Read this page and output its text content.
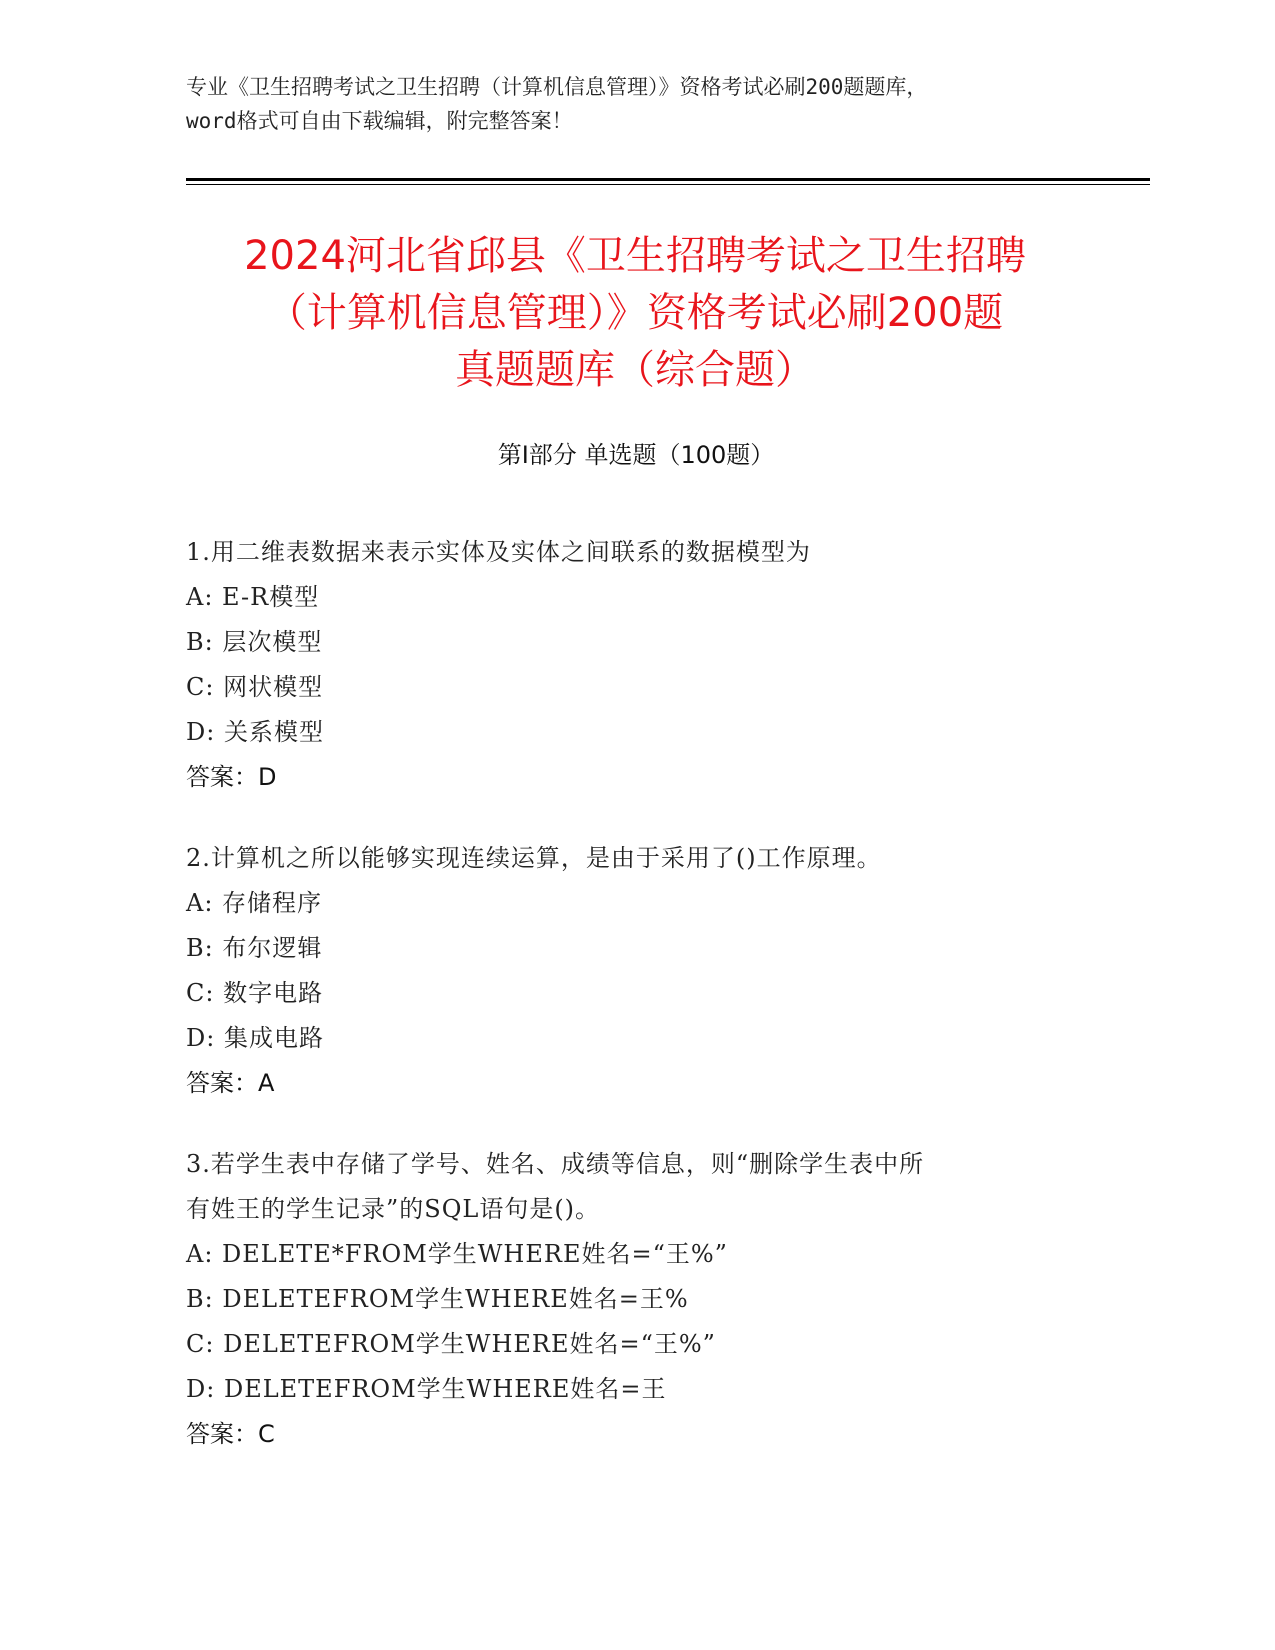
专业《卫生招聘考试之卫生招聘（计算机信息管理）》资格考试必刷200题题库，
word格式可自由下载编辑，附完整答案！
2024河北省邱县《卫生招聘考试之卫生招聘
（计算机信息管理）》资格考试必刷200题
真题题库（综合题）
第Ⅰ部分 单选题（100题）
1.用二维表数据来表示实体及实体之间联系的数据模型为
A: E-R模型
B: 层次模型
C: 网状模型
D: 关系模型
答案：D
2.计算机之所以能够实现连续运算，是由于采用了()工作原理。
A: 存储程序
B: 布尔逻辑
C: 数字电路
D: 集成电路
答案：A
3.若学生表中存储了学号、姓名、成绩等信息，则“删除学生表中所
有姓王的学生记录”的SQL语句是()。
A: DELETE*FROM学生WHERE姓名=“王%”
B: DELETEFROM学生WHERE姓名=王%
C: DELETEFROM学生WHERE姓名=“王%”
D: DELETEFROM学生WHERE姓名=王
答案：C
